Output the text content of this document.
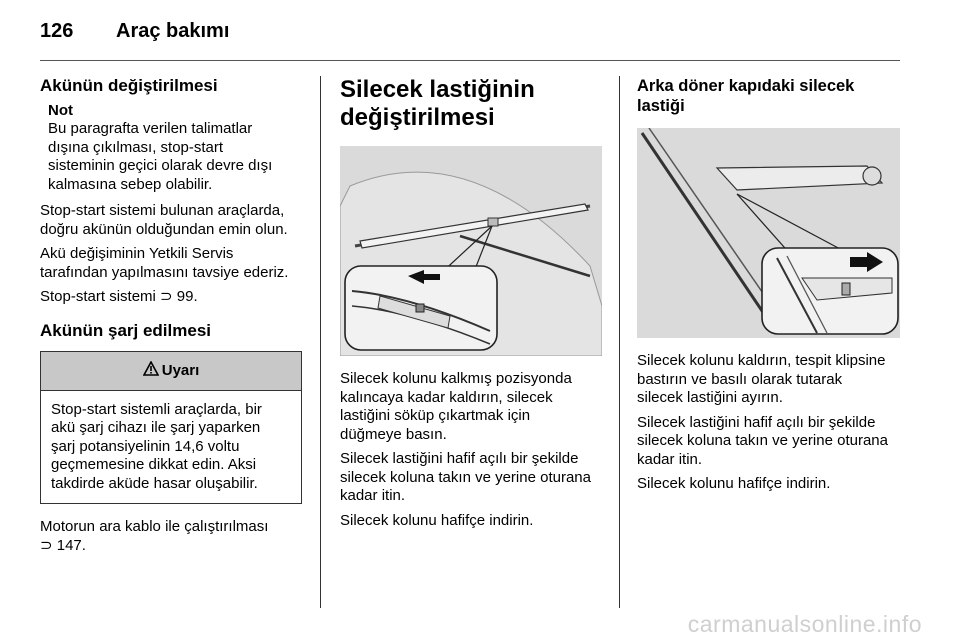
126 Araç bakımı
Akünün değiştirilmesi
Not

Bu paragrafta verilen talimatlar

dışına çıkılması, stop-start

sisteminin geçici olarak devre dışı

kalmasına sebep olabilir.

Stop-start sistemi bulunan araçlarda,
doğru akünün olduğundan emin olun.

Akü değişiminin Yetkili Servis
tarafından yapılmasını tavsiye ederiz.

Stop-start sistemi ⊃ 99.

Akünün şarj edilmesi
Uyarı

Stop-start sistemli araçlarda, bir

akü şarj cihazı ile şarj yaparken

şarj potansiyelinin 14,6 voltu

geçmemesine dikkat edin. Aksi

takdirde aküde hasar oluşabilir.

Motorun ara kablo ile çalıştırılması
⊃ 147.

Silecek lastiğinin
değiştirilmesi

Silecek kolunu kalkmış pozisyonda
kalıncaya kadar kaldırın, silecek
lastiğini söküp çıkartmak için
düğmeye basın.

Silecek lastiğini hafif açılı bir şekilde
silecek koluna takın ve yerine oturana
kadar itin.

Silecek kolunu hafifçe indirin.

Arka döner kapıdaki silecek
lastiği

Silecek kolunu kaldırın, tespit klipsine
bastırın ve basılı olarak tutarak
silecek lastiğini ayırın.

Silecek lastiğini hafif açılı bir şekilde
silecek koluna takın ve yerine oturana
kadar itin.

Silecek kolunu hafifçe indirin.

carmanualsonline.info
